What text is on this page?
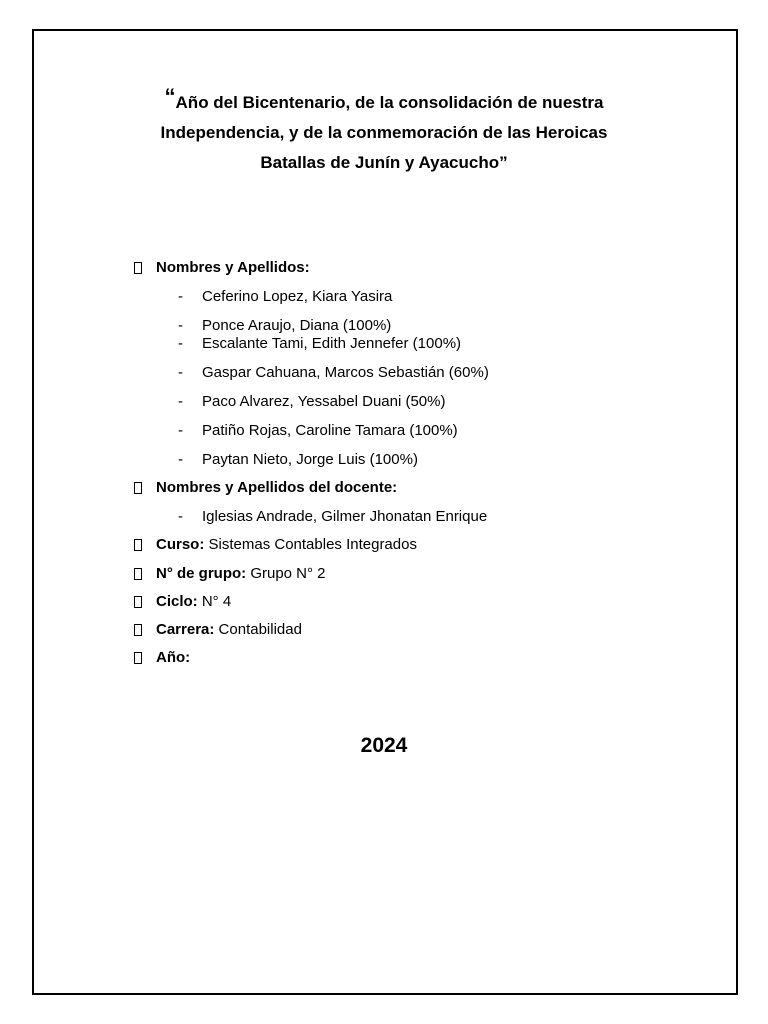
“Año del Bicentenario, de la consolidación de nuestra
Independencia, y de la conmemoración de las Heroicas
Batallas de Junín y Ayacucho”
Nombres y Apellidos:
- Ceferino Lopez, Kiara Yasira
- Ponce Araujo, Diana (100%)
- Escalante Tami, Edith Jennefer (100%)
- Gaspar Cahuana, Marcos Sebastián (60%)
- Paco Alvarez, Yessabel Duani (50%)
- Patiño Rojas, Caroline Tamara (100%)
- Paytan Nieto, Jorge Luis (100%)
Nombres y Apellidos del docente:
- Iglesias Andrade, Gilmer Jhonatan Enrique
Curso: Sistemas Contables Integrados
N° de grupo: Grupo N° 2
Ciclo: N° 4
Carrera: Contabilidad
Año:
2024
